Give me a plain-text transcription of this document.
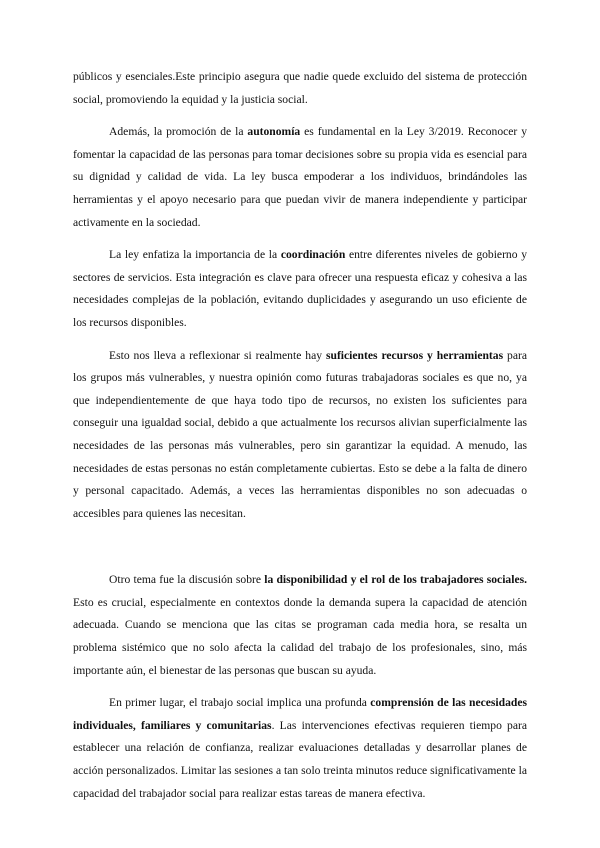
públicos y esenciales.Este principio asegura que nadie quede excluido del sistema de protección social, promoviendo la equidad y la justicia social.

Además, la promoción de la autonomía es fundamental en la Ley 3/2019. Reconocer y fomentar la capacidad de las personas para tomar decisiones sobre su propia vida es esencial para su dignidad y calidad de vida. La ley busca empoderar a los individuos, brindándoles las herramientas y el apoyo necesario para que puedan vivir de manera independiente y participar activamente en la sociedad.

La ley enfatiza la importancia de la coordinación entre diferentes niveles de gobierno y sectores de servicios. Esta integración es clave para ofrecer una respuesta eficaz y cohesiva a las necesidades complejas de la población, evitando duplicidades y asegurando un uso eficiente de los recursos disponibles.

Esto nos lleva a reflexionar si realmente hay suficientes recursos y herramientas para los grupos más vulnerables, y nuestra opinión como futuras trabajadoras sociales es que no, ya que independientemente de que haya todo tipo de recursos, no existen los suficientes para conseguir una igualdad social, debido a que actualmente los recursos alivian superficialmente las necesidades de las personas más vulnerables, pero sin garantizar la equidad. A menudo, las necesidades de estas personas no están completamente cubiertas. Esto se debe a la falta de dinero y personal capacitado. Además, a veces las herramientas disponibles no son adecuadas o accesibles para quienes las necesitan.

Otro tema fue la discusión sobre la disponibilidad y el rol de los trabajadores sociales. Esto es crucial, especialmente en contextos donde la demanda supera la capacidad de atención adecuada. Cuando se menciona que las citas se programan cada media hora, se resalta un problema sistémico que no solo afecta la calidad del trabajo de los profesionales, sino, más importante aún, el bienestar de las personas que buscan su ayuda.

En primer lugar, el trabajo social implica una profunda comprensión de las necesidades individuales, familiares y comunitarias. Las intervenciones efectivas requieren tiempo para establecer una relación de confianza, realizar evaluaciones detalladas y desarrollar planes de acción personalizados. Limitar las sesiones a tan solo treinta minutos reduce significativamente la capacidad del trabajador social para realizar estas tareas de manera efectiva.
